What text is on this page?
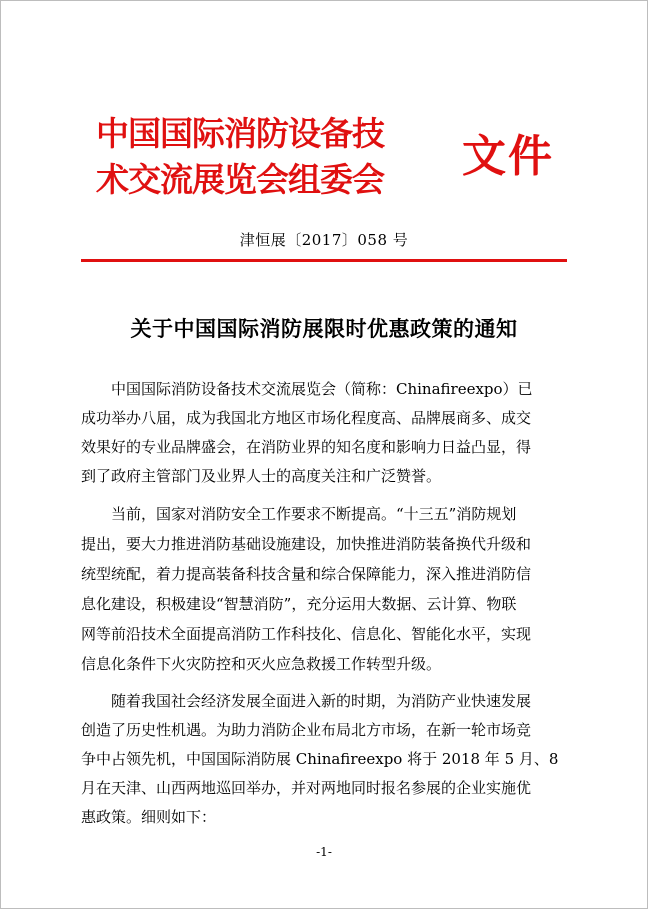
中国国际消防设备技
术交流展览会组委会	文件
津恒展〔2017〕058 号
关于中国国际消防展限时优惠政策的通知
　　中国国际消防设备技术交流展览会（简称：Chinafireexpo）已
成功举办八届，成为我国北方地区市场化程度高、品牌展商多、成交
效果好的专业品牌盛会，在消防业界的知名度和影响力日益凸显，得
到了政府主管部门及业界人士的高度关注和广泛赞誉。
　　当前，国家对消防安全工作要求不断提高。“十三五”消防规划
提出，要大力推进消防基础设施建设，加快推进消防装备换代升级和
统型统配，着力提高装备科技含量和综合保障能力，深入推进消防信
息化建设，积极建设“智慧消防”，充分运用大数据、云计算、物联
网等前沿技术全面提高消防工作科技化、信息化、智能化水平，实现
信息化条件下火灾防控和灭火应急救援工作转型升级。
　　随着我国社会经济发展全面进入新的时期，为消防产业快速发展
创造了历史性机遇。为助力消防企业布局北方市场，在新一轮市场竞
争中占领先机，中国国际消防展 Chinafireexpo 将于 2018 年 5 月、8
月在天津、山西两地巡回举办，并对两地同时报名参展的企业实施优
惠政策。细则如下：
-1-
